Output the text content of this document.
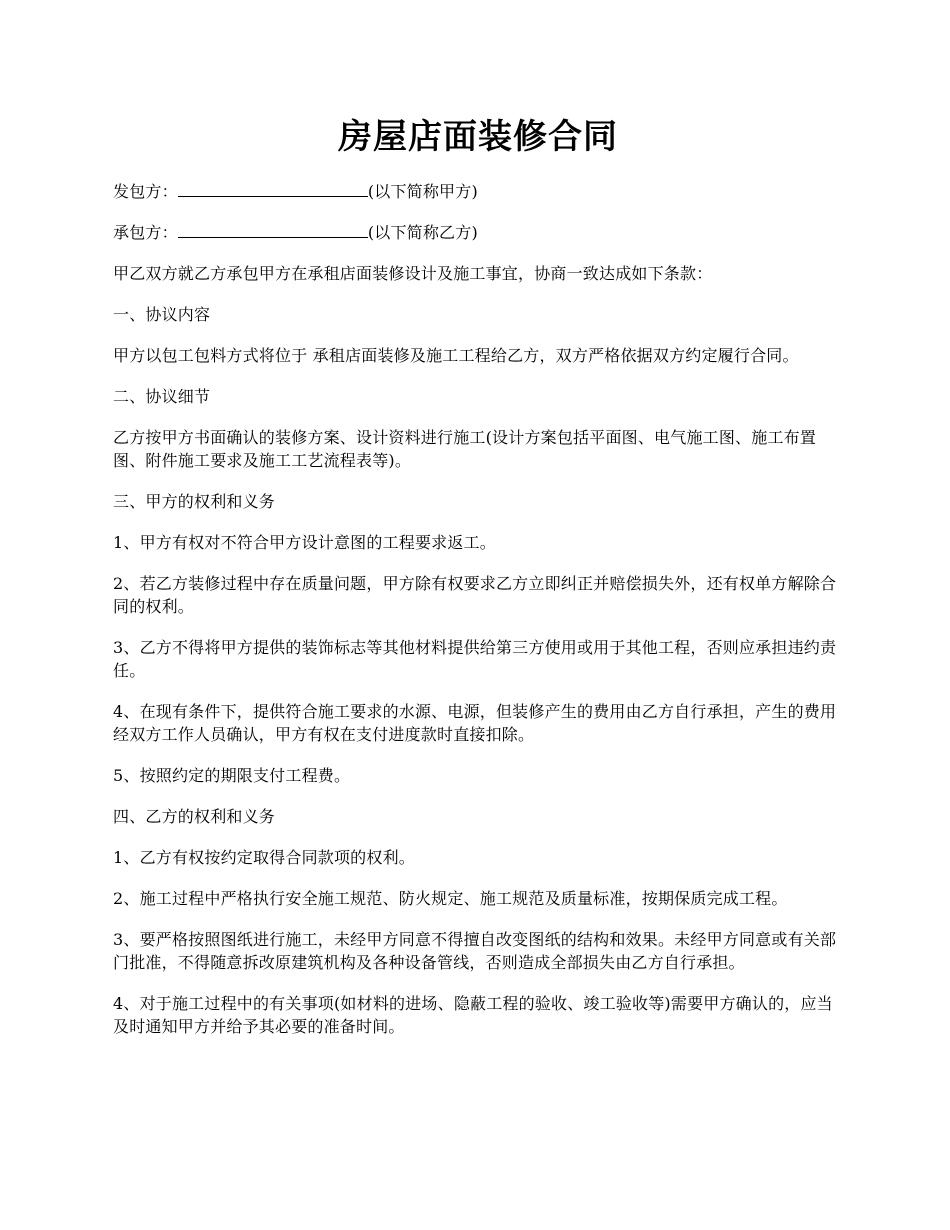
房屋店面装修合同

发包方：	(以下简称甲方)

承包方：	(以下简称乙方)

甲乙双方就乙方承包甲方在承租店面装修设计及施工事宜，协商一致达成如下条款：

一、协议内容

甲方以包工包料方式将位于 承租店面装修及施工工程给乙方，双方严格依据双方约定履行合同。

二、协议细节

乙方按甲方书面确认的装修方案、设计资料进行施工(设计方案包括平面图、电气施工图、施工布置图、附件施工要求及施工工艺流程表等)。

三、甲方的权利和义务

1、甲方有权对不符合甲方设计意图的工程要求返工。

2、若乙方装修过程中存在质量问题，甲方除有权要求乙方立即纠正并赔偿损失外，还有权单方解除合同的权利。

3、乙方不得将甲方提供的装饰标志等其他材料提供给第三方使用或用于其他工程，否则应承担违约责任。

4、在现有条件下，提供符合施工要求的水源、电源，但装修产生的费用由乙方自行承担，产生的费用经双方工作人员确认，甲方有权在支付进度款时直接扣除。

5、按照约定的期限支付工程费。

四、乙方的权利和义务

1、乙方有权按约定取得合同款项的权利。

2、施工过程中严格执行安全施工规范、防火规定、施工规范及质量标准，按期保质完成工程。

3、要严格按照图纸进行施工，未经甲方同意不得擅自改变图纸的结构和效果。未经甲方同意或有关部门批准，不得随意拆改原建筑机构及各种设备管线，否则造成全部损失由乙方自行承担。

4、对于施工过程中的有关事项(如材料的进场、隐蔽工程的验收、竣工验收等)需要甲方确认的，应当及时通知甲方并给予其必要的准备时间。
